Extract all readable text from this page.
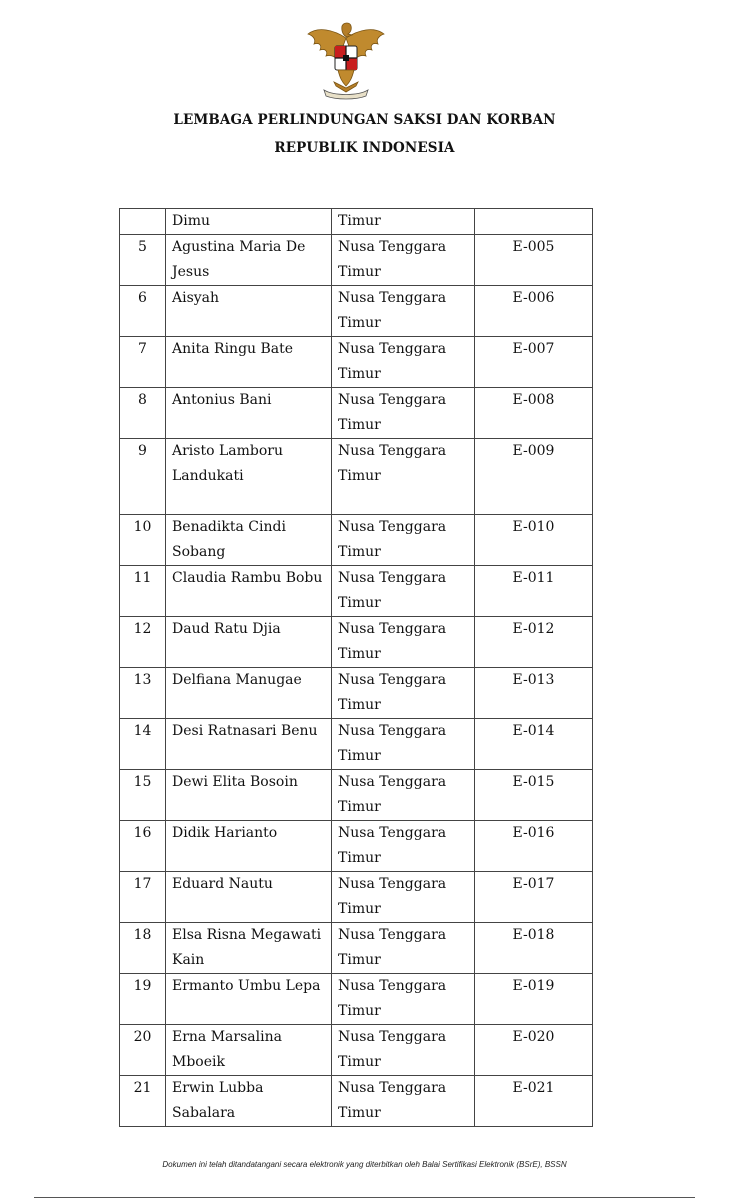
LEMBAGA PERLINDUNGAN SAKSI DAN KORBAN
REPUBLIK INDONESIA

	Dimu	Timur	

5	Agustina Maria De Jesus	Nusa Tenggara Timur	E-005

6	Aisyah	Nusa Tenggara Timur	E-006

7	Anita Ringu Bate	Nusa Tenggara Timur	E-007

8	Antonius Bani	Nusa Tenggara Timur	E-008

9	Aristo Lamboru Landukati	Nusa Tenggara Timur	E-009

10	Benadikta Cindi Sobang	Nusa Tenggara Timur	E-010

11	Claudia Rambu Bobu	Nusa Tenggara Timur	E-011

12	Daud Ratu Djia	Nusa Tenggara Timur	E-012

13	Delfiana Manugae	Nusa Tenggara Timur	E-013

14	Desi Ratnasari Benu	Nusa Tenggara Timur	E-014

15	Dewi Elita Bosoin	Nusa Tenggara Timur	E-015

16	Didik Harianto	Nusa Tenggara Timur	E-016

17	Eduard Nautu	Nusa Tenggara Timur	E-017

18	Elsa Risna Megawati Kain	Nusa Tenggara Timur	E-018

19	Ermanto Umbu Lepa	Nusa Tenggara Timur	E-019

20	Erna Marsalina Mboeik	Nusa Tenggara Timur	E-020

21	Erwin Lubba Sabalara	Nusa Tenggara Timur	E-021
Dokumen ini telah ditandatangani secara elektronik yang diterbitkan oleh Balai Sertifikasi Elektronik (BSrE), BSSN
